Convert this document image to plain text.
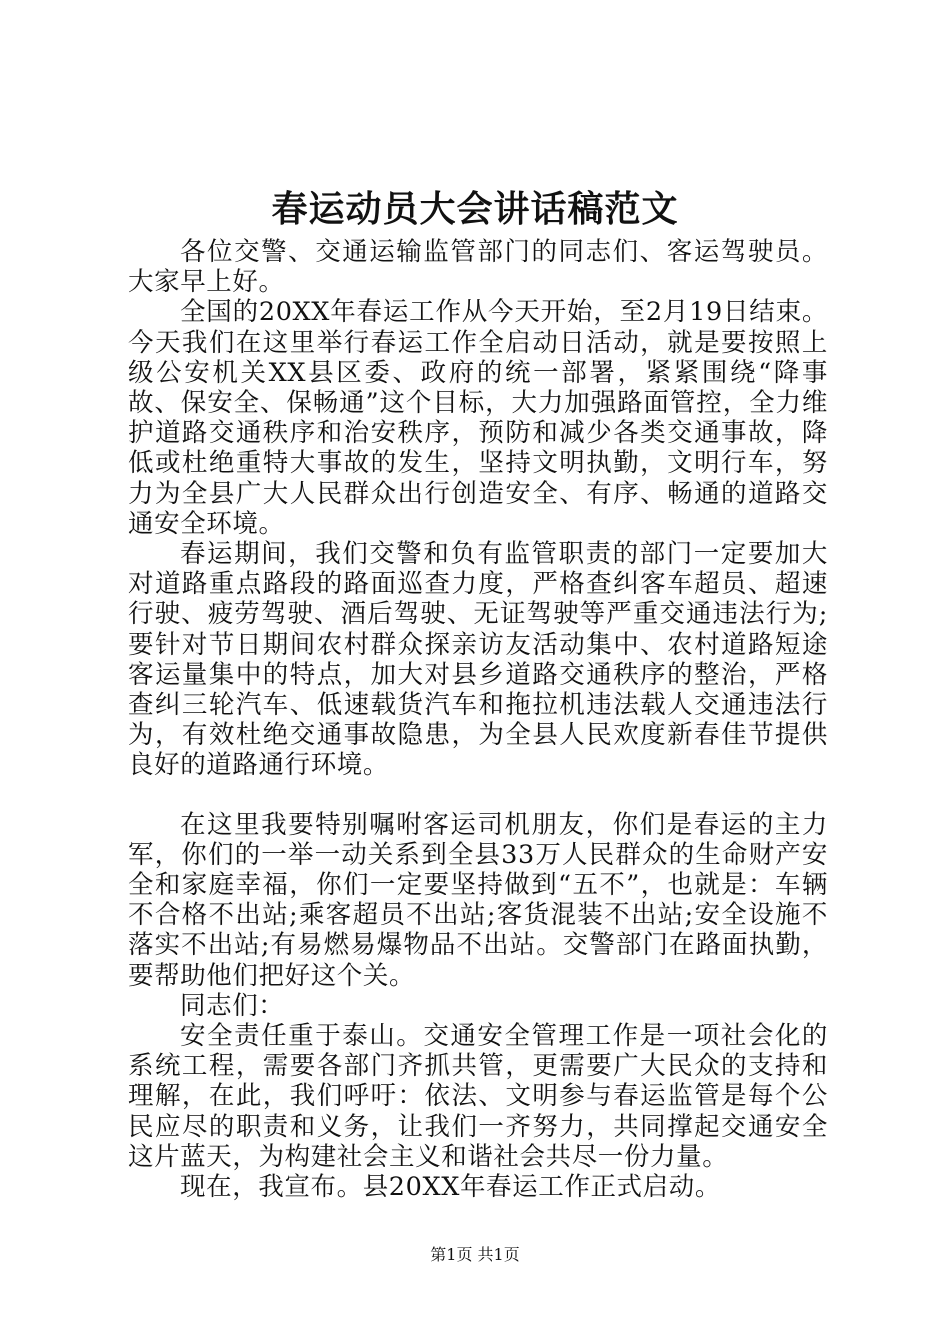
春运动员大会讲话稿范文

各位交警、交通运输监管部门的同志们、客运驾驶员。大家早上好。

全国的20XX年春运工作从今天开始，至2月19日结束。今天我们在这里举行春运工作全启动日活动，就是要按照上级公安机关XX县区委、政府的统一部署，紧紧围绕“降事故、保安全、保畅通”这个目标，大力加强路面管控，全力维护道路交通秩序和治安秩序，预防和减少各类交通事故，降低或杜绝重特大事故的发生，坚持文明执勤，文明行车，努力为全县广大人民群众出行创造安全、有序、畅通的道路交通安全环境。

春运期间，我们交警和负有监管职责的部门一定要加大对道路重点路段的路面巡查力度，严格查纠客车超员、超速行驶、疲劳驾驶、酒后驾驶、无证驾驶等严重交通违法行为;要针对节日期间农村群众探亲访友活动集中、农村道路短途客运量集中的特点，加大对县乡道路交通秩序的整治，严格查纠三轮汽车、低速载货汽车和拖拉机违法载人交通违法行为，有效杜绝交通事故隐患，为全县人民欢度新春佳节提供良好的道路通行环境。

在这里我要特别嘱咐客运司机朋友，你们是春运的主力军，你们的一举一动关系到全县33万人民群众的生命财产安全和家庭幸福，你们一定要坚持做到“五不”，也就是：车辆不合格不出站;乘客超员不出站;客货混装不出站;安全设施不落实不出站;有易燃易爆物品不出站。交警部门在路面执勤，要帮助他们把好这个关。

同志们：

安全责任重于泰山。交通安全管理工作是一项社会化的系统工程，需要各部门齐抓共管，更需要广大民众的支持和理解，在此，我们呼吁：依法、文明参与春运监管是每个公民应尽的职责和义务，让我们一齐努力，共同撑起交通安全这片蓝天，为构建社会主义和谐社会共尽一份力量。

现在，我宣布。县20XX年春运工作正式启动。

第1页 共1页
